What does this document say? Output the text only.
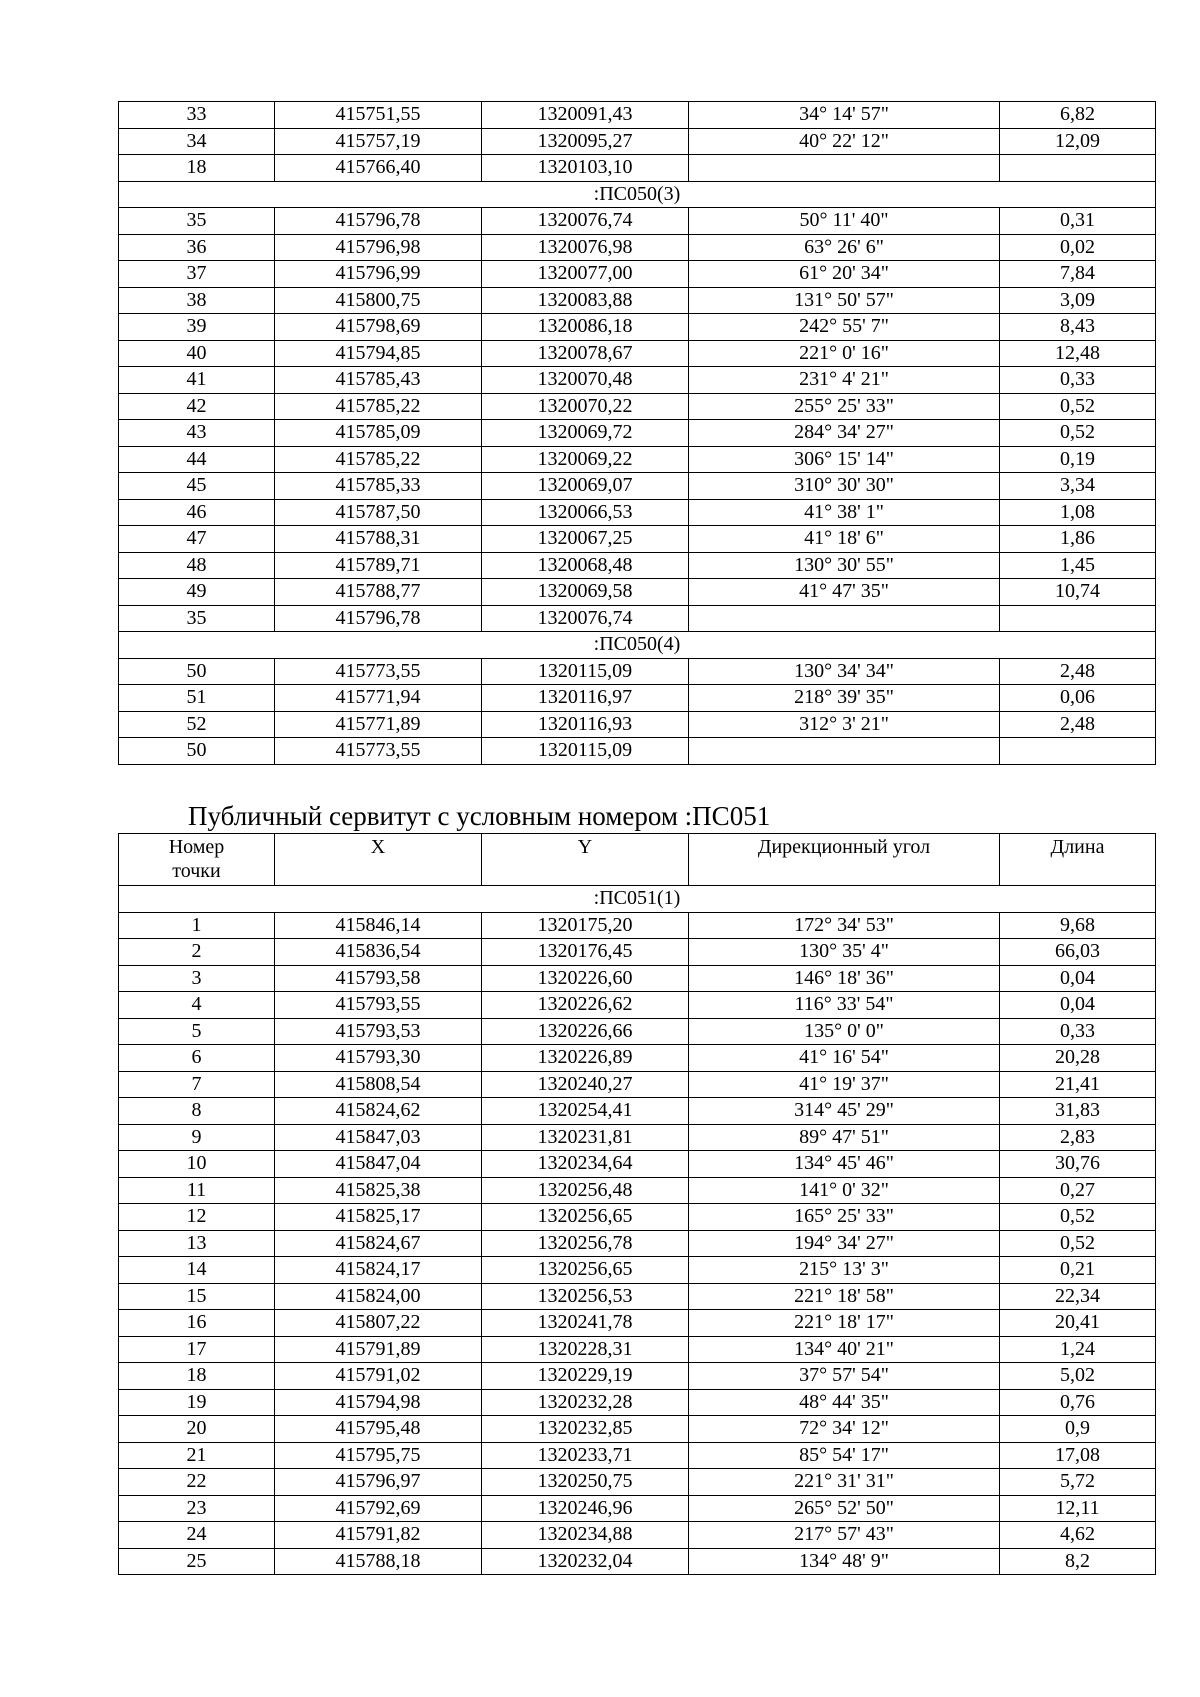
33	415751,55	1320091,43	34° 14' 57"	6,82
34	415757,19	1320095,27	40° 22' 12"	12,09
18	415766,40	1320103,10		
:ПС050(3)				
35	415796,78	1320076,74	50° 11' 40"	0,31
36	415796,98	1320076,98	63° 26' 6"	0,02
37	415796,99	1320077,00	61° 20' 34"	7,84
38	415800,75	1320083,88	131° 50' 57"	3,09
39	415798,69	1320086,18	242° 55' 7"	8,43
40	415794,85	1320078,67	221° 0' 16"	12,48
41	415785,43	1320070,48	231° 4' 21"	0,33
42	415785,22	1320070,22	255° 25' 33"	0,52
43	415785,09	1320069,72	284° 34' 27"	0,52
44	415785,22	1320069,22	306° 15' 14"	0,19
45	415785,33	1320069,07	310° 30' 30"	3,34
46	415787,50	1320066,53	41° 38' 1"	1,08
47	415788,31	1320067,25	41° 18' 6"	1,86
48	415789,71	1320068,48	130° 30' 55"	1,45
49	415788,77	1320069,58	41° 47' 35"	10,74
35	415796,78	1320076,74		
:ПС050(4)				
50	415773,55	1320115,09	130° 34' 34"	2,48
51	415771,94	1320116,97	218° 39' 35"	0,06
52	415771,89	1320116,93	312° 3' 21"	2,48
50	415773,55	1320115,09		
Публичный сервитут с условным номером :ПС051
Номер
точки	X	Y	Дирекционный угол	Длина
:ПС051(1)				
1	415846,14	1320175,20	172° 34' 53"	9,68
2	415836,54	1320176,45	130° 35' 4"	66,03
3	415793,58	1320226,60	146° 18' 36"	0,04
4	415793,55	1320226,62	116° 33' 54"	0,04
5	415793,53	1320226,66	135° 0' 0"	0,33
6	415793,30	1320226,89	41° 16' 54"	20,28
7	415808,54	1320240,27	41° 19' 37"	21,41
8	415824,62	1320254,41	314° 45' 29"	31,83
9	415847,03	1320231,81	89° 47' 51"	2,83
10	415847,04	1320234,64	134° 45' 46"	30,76
11	415825,38	1320256,48	141° 0' 32"	0,27
12	415825,17	1320256,65	165° 25' 33"	0,52
13	415824,67	1320256,78	194° 34' 27"	0,52
14	415824,17	1320256,65	215° 13' 3"	0,21
15	415824,00	1320256,53	221° 18' 58"	22,34
16	415807,22	1320241,78	221° 18' 17"	20,41
17	415791,89	1320228,31	134° 40' 21"	1,24
18	415791,02	1320229,19	37° 57' 54"	5,02
19	415794,98	1320232,28	48° 44' 35"	0,76
20	415795,48	1320232,85	72° 34' 12"	0,9
21	415795,75	1320233,71	85° 54' 17"	17,08
22	415796,97	1320250,75	221° 31' 31"	5,72
23	415792,69	1320246,96	265° 52' 50"	12,11
24	415791,82	1320234,88	217° 57' 43"	4,62
25	415788,18	1320232,04	134° 48' 9"	8,2
